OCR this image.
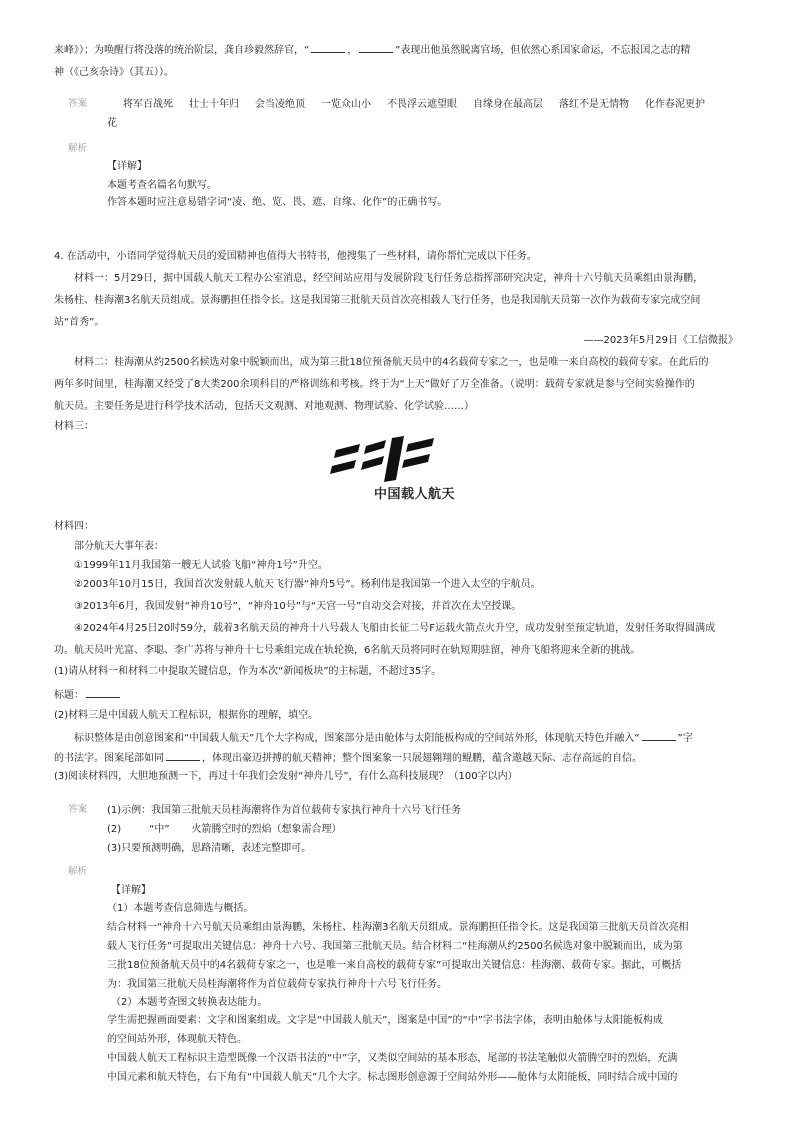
来峰》）；为唤醒行将没落的统治阶层，龚自珍毅然辞官，“	，	”表现出他虽然脱离官场，但依然心系国家命运，不忘报国之志的精
神（《己亥杂诗》（其五））。
答案	将军百战死 壮士十年归 会当凌绝顶 一览众山小 不畏浮云遮望眼 自缘身在最高层 落红不是无情物 化作春泥更护
花
解析
【详解】
本题考查名篇名句默写。
作答本题时应注意易错字词“凌、绝、览、畏、遮、自缘、化作”的正确书写。
4. 在活动中，小语同学觉得航天员的爱国精神也值得大书特书，他搜集了一些材料，请你帮忙完成以下任务。
材料一：5月29日，据中国载人航天工程办公室消息，经空间站应用与发展阶段飞行任务总指挥部研究决定，神舟十六号航天员乘组由景海鹏，
朱杨柱、桂海潮3名航天员组成。景海鹏担任指令长。这是我国第三批航天员首次亮相载人飞行任务，也是我国航天员第一次作为载荷专家完成空间
站“首秀”。
——2023年5月29日《工信微报》
材料二：桂海潮从约2500名候选对象中脱颖而出，成为第三批18位预备航天员中的4名载荷专家之一，也是唯一来自高校的载荷专家。在此后的
两年多时间里，桂海潮又经受了8大类200余项科目的严格训练和考核。终于为“上天”做好了万全准备。（说明：载荷专家就是参与空间实验操作的
航天员。主要任务是进行科学技术活动，包括天文观测、对地观测、物理试验、化学试验……）
材料三：
中国载人航天
材料四：
部分航天大事年表：
①1999年11月我国第一艘无人试验飞船“神舟1号”升空。
②2003年10月15日，我国首次发射载人航天飞行器“神舟5号”。杨利伟是我国第一个进入太空的宇航员。
③2013年6月，我国发射“神舟10号”，“神舟10号”与“天宫一号”自动交会对接，并首次在太空授课。
④2024年4月25日20时59分，载着3名航天员的神舟十八号载人飞船由长征二号F运载火箭点火升空，成功发射至预定轨道，发射任务取得圆满成
功。航天员叶光富、李聪、李广苏将与神舟十七号乘组完成在轨轮换，6名航天员将同时在轨短期驻留，神舟飞船将迎来全新的挑战。
(1)请从材料一和材料二中提取关键信息，作为本次“新闻板块”的主标题，不超过35字。
标题：
(2)材料三是中国载人航天工程标识，根据你的理解，填空。
标识整体是由创意图案和“中国载人航天”几个大字构成，图案部分是由舱体与太阳能板构成的空间站外形，体现航天特色并融入“	”字
的书法字。图案尾部如同	，体现出豪迈拼搏的航天精神；整个图案象一只展翅翱翔的鲲鹏，蕴含遨越天际、志存高远的自信。
(3)阅读材料四，大胆地预测一下，再过十年我们会发射“神舟几号”，有什么高科技展现？（100字以内）
答案 (1)示例：我国第三批航天员桂海潮将作为首位载荷专家执行神舟十六号飞行任务
(2)	“中” 火箭腾空时的烈焰（想象需合理）
(3)只要预测明确，思路清晰，表述完整即可。
解析
【详解】
（1）本题考查信息筛选与概括。
结合材料一“神舟十六号航天员乘组由景海鹏，朱杨柱、桂海潮3名航天员组成。景海鹏担任指令长。这是我国第三批航天员首次亮相
载人飞行任务”可提取出关键信息：神舟十六号、我国第三批航天员。结合材料二“桂海潮从约2500名候选对象中脱颖而出，成为第
三批18位预备航天员中的4名载荷专家之一，也是唯一来自高校的载荷专家”可提取出关键信息：桂海潮、载荷专家。据此，可概括
为：我国第三批航天员桂海潮将作为首位载荷专家执行神舟十六号飞行任务。
（2）本题考查图文转换表达能力。
学生需把握画面要素：文字和图案组成。文字是“中国载人航天”，图案是中国”的“中”字书法字体，表明由舱体与太阳能板构成
的空间站外形，体现航天特色。
中国载人航天工程标识主造型既像一个汉语书法的“中”字，又类似空间站的基本形态，尾部的书法笔触似火箭腾空时的烈焰，充满
中国元素和航天特色，右下角有“中国载人航天”几个大字。标志图形创意源于空间站外形——舱体与太阳能板，同时结合成中国的
